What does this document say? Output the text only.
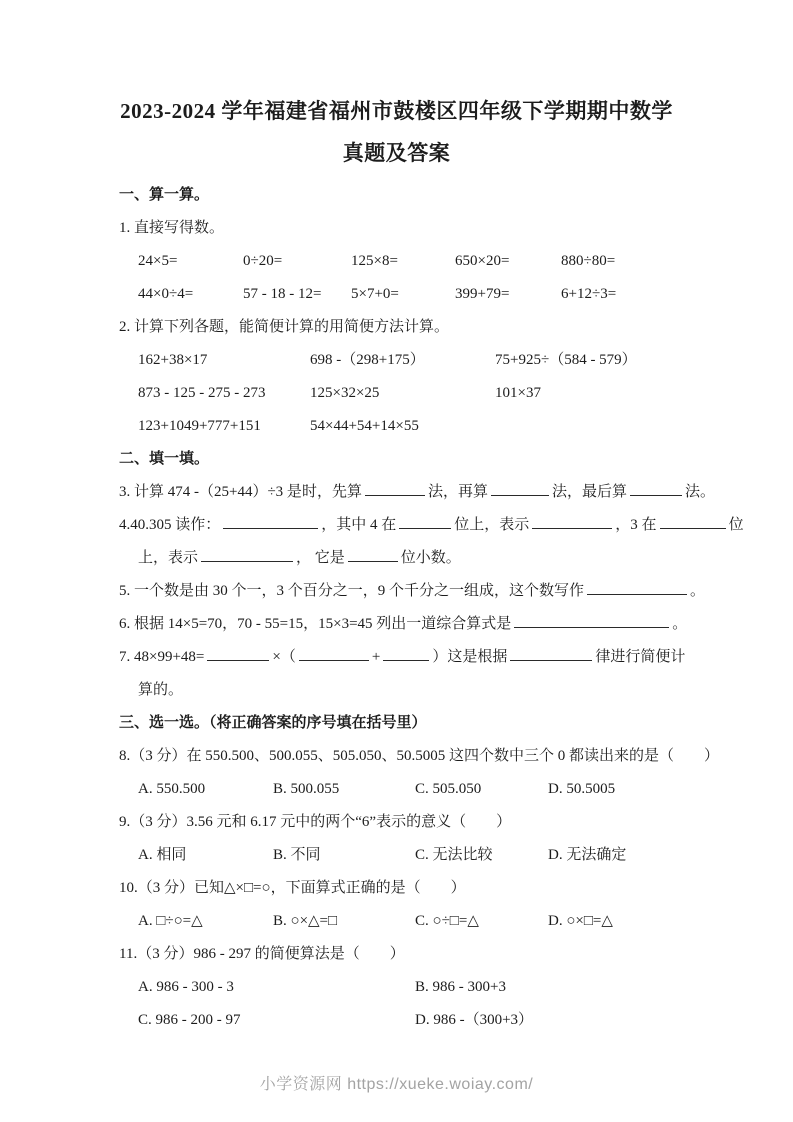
2023-2024 学年福建省福州市鼓楼区四年级下学期期中数学
真题及答案
一、算一算。
1. 直接写得数。
24×5=	0÷20=	125×8=	650×20=	880÷80=
44×0÷4=	57 - 18 - 12=	5×7+0=	399+79=	6+12÷3=
2. 计算下列各题，能简便计算的用简便方法计算。
162+38×17	698 -（298+175）	75+925÷（584 - 579）
873 - 125 - 275 - 273	125×32×25	101×37
123+1049+777+151	54×44+54+14×55
二、填一填。
3. 计算 474 -（25+44）÷3 是时，先算	法，再算	法，最后算	法。
4.40.305 读作：	，其中 4 在	位上，表示	，3 在	位
上，表示	， 它是	位小数。
5. 一个数是由 30 个一，3 个百分之一，9 个千分之一组成，这个数写作	。
6. 根据 14×5=70，70 - 55=15，15×3=45 列出一道综合算式是	。
7. 48×99+48=	×（	+	）这是根据	律进行简便计
算的。
三、选一选。（将正确答案的序号填在括号里）
8.（3 分）在 550.500、500.055、505.050、50.5005 这四个数中三个 0 都读出来的是（　　）
A. 550.500	B. 500.055	C. 505.050	D. 50.5005
9.（3 分）3.56 元和 6.17 元中的两个“6”表示的意义（　　）
A. 相同	B. 不同	C. 无法比较	D. 无法确定
10.（3 分）已知△×□=○，下面算式正确的是（　　）
A. □÷○=△	B. ○×△=□	C. ○÷□=△	D. ○×□=△
11.（3 分）986 - 297 的简便算法是（　　）
A. 986 - 300 - 3	B. 986 - 300+3
C. 986 - 200 - 97	D. 986 -（300+3）
小学资源网 https://xueke.woiay.com/
